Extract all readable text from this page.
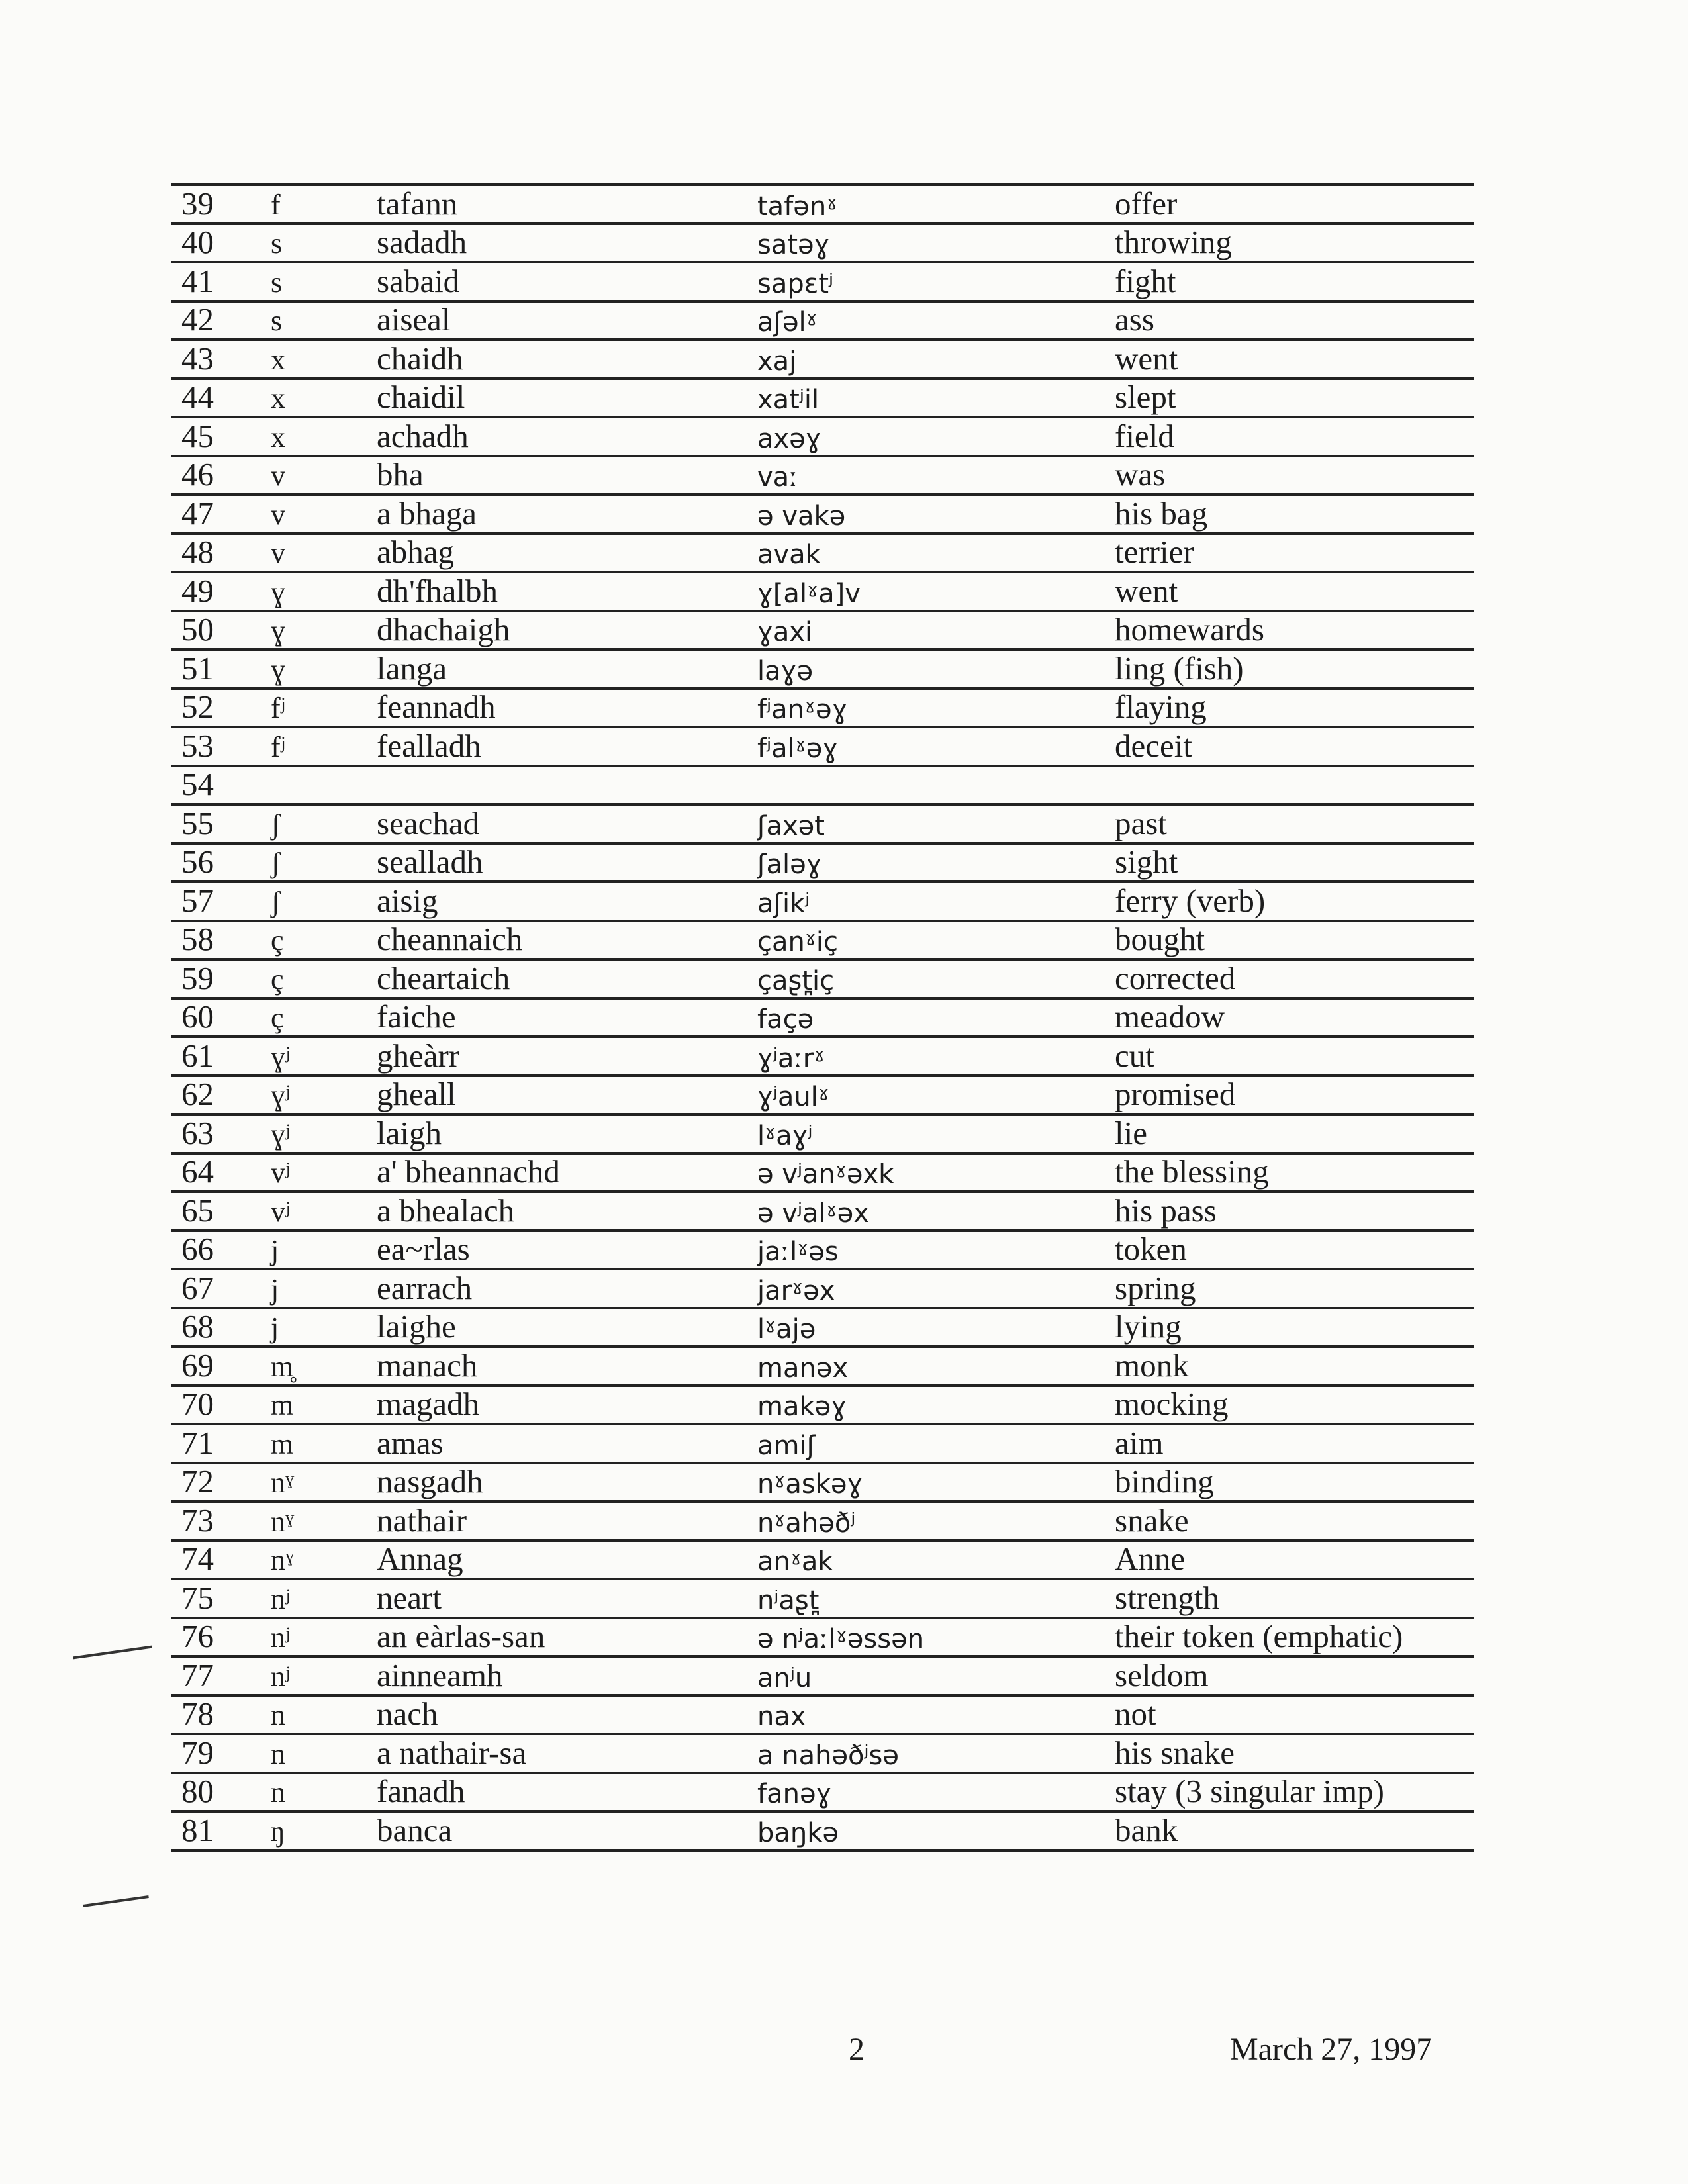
39	f	tafann	tafənˠ	offer
40	s	sadadh	satəɣ	throwing
41	s	sabaid	sapɛtʲ	fight
42	s	aiseal	aʃəlˠ	ass
43	x	chaidh	xaj	went
44	x	chaidil	xatʲil	slept
45	x	achadh	axəɣ	field
46	v	bha	vaː	was
47	v	a bhaga	ə vakə	his bag
48	v	abhag	avak	terrier
49	ɣ	dh'fhalbh	ɣ[alˠa]v	went
50	ɣ	dhachaigh	ɣaxi	homewards
51	ɣ	langa	laɣə	ling (fish)
52	fʲ	feannadh	fʲanˠəɣ	flaying
53	fʲ	fealladh	fʲalˠəɣ	deceit
54
55	ʃ	seachad	ʃaxət	past
56	ʃ	sealladh	ʃaləɣ	sight
57	ʃ	aisig	aʃikʲ	ferry (verb)
58	ç	cheannaich	çanˠiç	bought
59	ç	cheartaich	çaʂt̪iç	corrected
60	ç	faiche	façə	meadow
61	ɣʲ	gheàrr	ɣʲaːrˠ	cut
62	ɣʲ	gheall	ɣʲaulˠ	promised
63	ɣʲ	laigh	lˠaɣʲ	lie
64	vʲ	a' bheannachd	ə vʲanˠəxk	the blessing
65	vʲ	a bhealach	ə vʲalˠəx	his pass
66	j	ea~rlas	jaːlˠəs	token
67	j	earrach	jarˠəx	spring
68	j	laighe	lˠajə	lying
69	m̥	manach	manəx	monk
70	m	magadh	makəɣ	mocking
71	m	amas	amiʃ	aim
72	nˠ	nasgadh	nˠaskəɣ	binding
73	nˠ	nathair	nˠahəðʲ	snake
74	nˠ	Annag	anˠak	Anne
75	nʲ	neart	nʲaʂt̪	strength
76	nʲ	an eàrlas-san	ə nʲaːlˠəssən	their token (emphatic)
77	nʲ	ainneamh	anʲu	seldom
78	n	nach	nax	not
79	n	a nathair-sa	a nahəðʲsə	his snake
80	n	fanadh	fanəɣ	stay (3 singular imp)
81	ŋ	banca	baŋkə	bank
2	March 27, 1997
